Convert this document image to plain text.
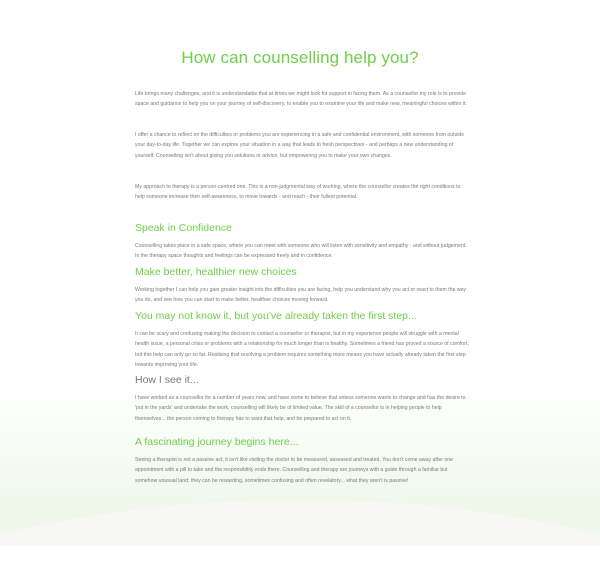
How can counselling help you?

Life brings many challenges, and it is understandable that at times we might look for support in facing them. As a counsellor my role is to provide space and guidance to help you on your journey of self-discovery, to enable you to examine your life and make new, meaningful choices within it.

I offer a chance to reflect on the difficulties or problems you are experiencing in a safe and confidential environment, with someone from outside your day-to-day life. Together we can explore your situation in a way that leads to fresh perspectives - and perhaps a new understanding of yourself. Counselling isn't about giving you solutions or advice, but empowering you to make your own changes.

My approach to therapy is a person-centred one. This is a non-judgmental way of working, where the counsellor creates the right conditions to help someone increase their self-awareness, to move towards - and reach - their fullest potential.

Speak in Confidence

Counselling takes place in a safe space, where you can meet with someone who will listen with sensitivity and empathy - and without judgement. In the therapy space thoughts and feelings can be expressed freely and in confidence.

Make better, healthier new choices

Working together I can help you gain greater insight into the difficulties you are facing, help you understand why you act or react to them the way you do, and see how you can start to make better, healthier choices moving forward.

You may not know it, but you've already taken the first step...

It can be scary and confusing making the decision to contact a counsellor or therapist, but in my experience people will struggle with a mental health issue, a personal crisis or problems with a relationship for much longer than is healthy. Sometimes a friend has proved a source of comfort, but this help can only go so far. Realising that resolving a problem requires something more means you have actually already taken the first step towards improving your life.

How I see it...

I have worked as a counsellor for a number of years now, and have come to believe that unless someone wants to change and has the desire to 'put in the yards' and undertake the work, counselling will likely be of limited value. The skill of a counsellor is in helping people to help themselves... the person coming to therapy has to want that help, and be prepared to act on it.

A fascinating journey begins here...

Seeing a therapist is not a passive act, it isn't like visiting the doctor to be measured, assessed and treated. You don't come away after one appointment with a pill to take and the responsibility ends there. Counselling and therapy are journeys with a guide through a familiar but somehow unusual land; they can be rewarding, sometimes confusing and often revelatory... what they aren't is passive!
